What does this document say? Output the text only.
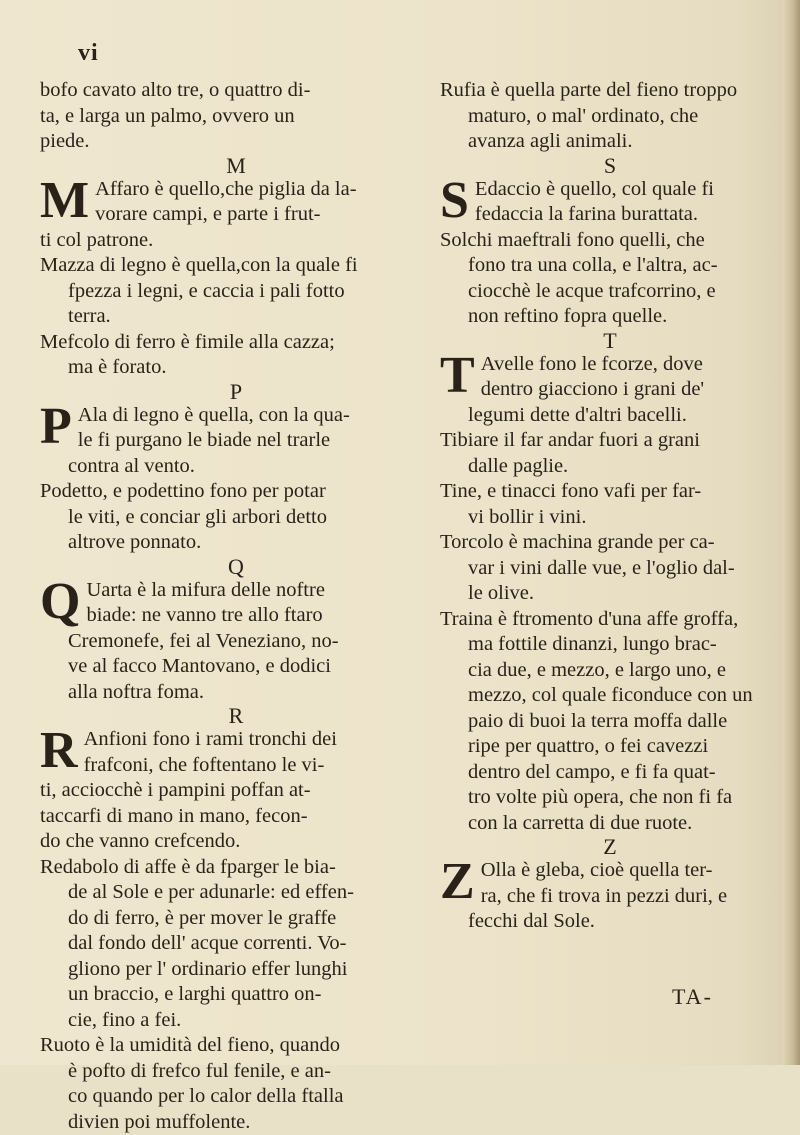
vi

bofo cavato alto tre, o quattro di-

ta, e larga un palmo, ovvero un

piede.

M

M Affaro è quello,che piglia da la-

vorare campi, e parte i frut-

ti col patrone.

Mazza di legno è quella,con la quale fi

fpezza i legni, e caccia i pali fotto

terra.

Mefcolo di ferro è fimile alla cazza;

ma è forato.

P

P Ala di legno è quella, con la qua-

le fi purgano le biade nel trarle

contra al vento.

Podetto, e podettino fono per potar

le viti, e conciar gli arbori detto

altrove ponnato.

Q

Q Uarta è la mifura delle noftre

biade: ne vanno tre allo ftaro

Cremonefe, fei al Veneziano, no-

ve al facco Mantovano, e dodici

alla noftra foma.

R

R Anfioni fono i rami tronchi dei

frafconi, che foftentano le vi-

ti, acciocchè i pampini poffan at-

taccarfi di mano in mano, fecon-

do che vanno crefcendo.

Redabolo di affe è da fparger le bia-

de al Sole e per adunarle: ed effen-

do di ferro, è per mover le graffe

dal fondo dell' acque correnti. Vo-

gliono per l' ordinario effer lunghi

un braccio, e larghi quattro on-

cie, fino a fei.

Ruoto è la umidità del fieno, quando

è pofto di frefco ful fenile, e an-

co quando per lo calor della ftalla

divien poi muffolente.

Rufia è quella parte del fieno troppo

maturo, o mal' ordinato, che

avanza agli animali.

S

S Edaccio è quello, col quale fi

fedaccia la farina burattata.

Solchi maeftrali fono quelli, che

fono tra una colla, e l'altra, ac-

ciocchè le acque trafcorrino, e

non reftino fopra quelle.

T

T Avelle fono le fcorze, dove

dentro giacciono i grani de'

legumi dette d'altri bacelli.

Tibiare il far andar fuori a grani

dalle paglie.

Tine, e tinacci fono vafi per far-

vi bollir i vini.

Torcolo è machina grande per ca-

var i vini dalle vue, e l'oglio dal-

le olive.

Traina è ftromento d'una affe groffa,

ma fottile dinanzi, lungo brac-

cia due, e mezzo, e largo uno, e

mezzo, col quale ficonduce con un

paio di buoi la terra moffa dalle

ripe per quattro, o fei cavezzi

dentro del campo, e fi fa quat-

tro volte più opera, che non fi fa

con la carretta di due ruote.

Z

Z Olla è gleba, cioè quella ter-

ra, che fi trova in pezzi duri, e

fecchi dal Sole.

TA-
